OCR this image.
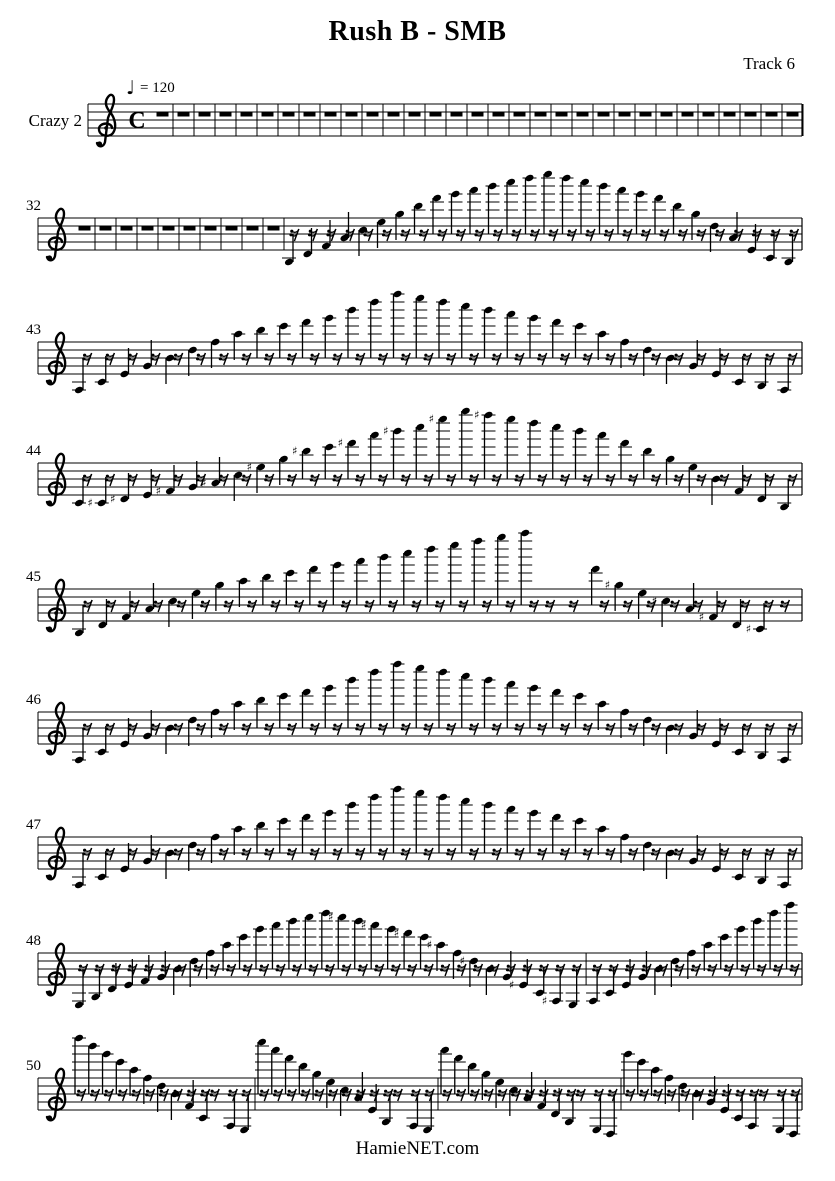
Rush B - SMB
Track 6
Crazy 2 C
♩ = 120
32
43
44
♯ ♯
♯
♯
♯
♯
♯
♯
♯	♯
45	♯
♯
♯
♯
46
47
48
♯
♯
♯
♯
♯
♯
♯
50
HamieNET.com
